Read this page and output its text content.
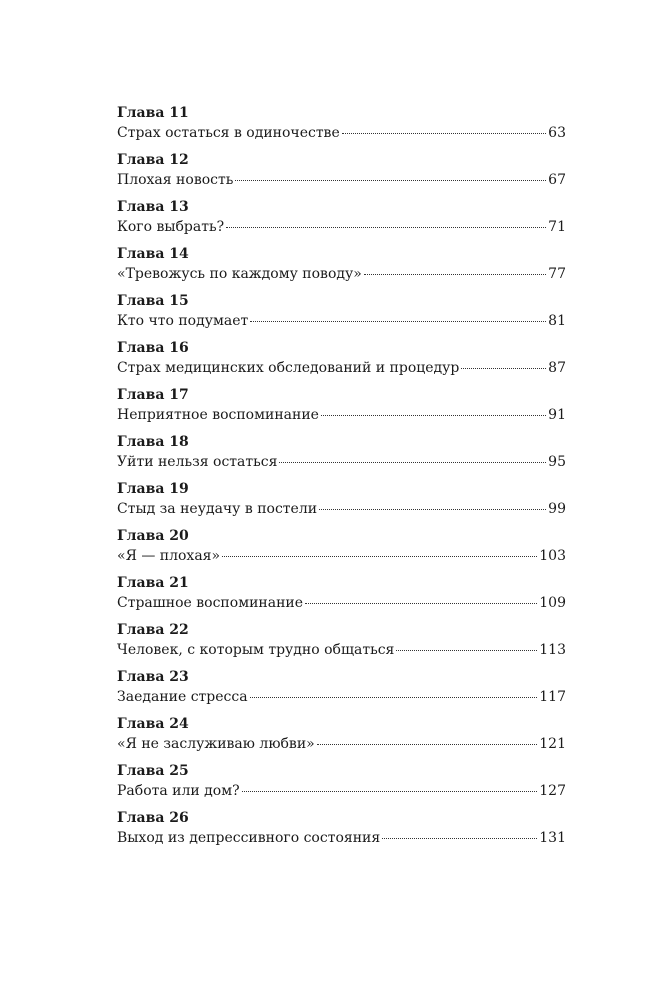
Глава 11
Страх остаться в одиночестве	63
Глава 12
Плохая новость	67
Глава 13
Кого выбрать?	71
Глава 14
«Тревожусь по каждому поводу»	77
Глава 15
Кто что подумает	81
Глава 16
Страх медицинских обследований и процедур	87
Глава 17
Неприятное воспоминание	91
Глава 18
Уйти нельзя остаться	95
Глава 19
Стыд за неудачу в постели	99
Глава 20
«Я — плохая»	103
Глава 21
Страшное воспоминание	109
Глава 22
Человек, с которым трудно общаться	113
Глава 23
Заедание стресса	117
Глава 24
«Я не заслуживаю любви»	121
Глава 25
Работа или дом?	127
Глава 26
Выход из депрессивного состояния	131
